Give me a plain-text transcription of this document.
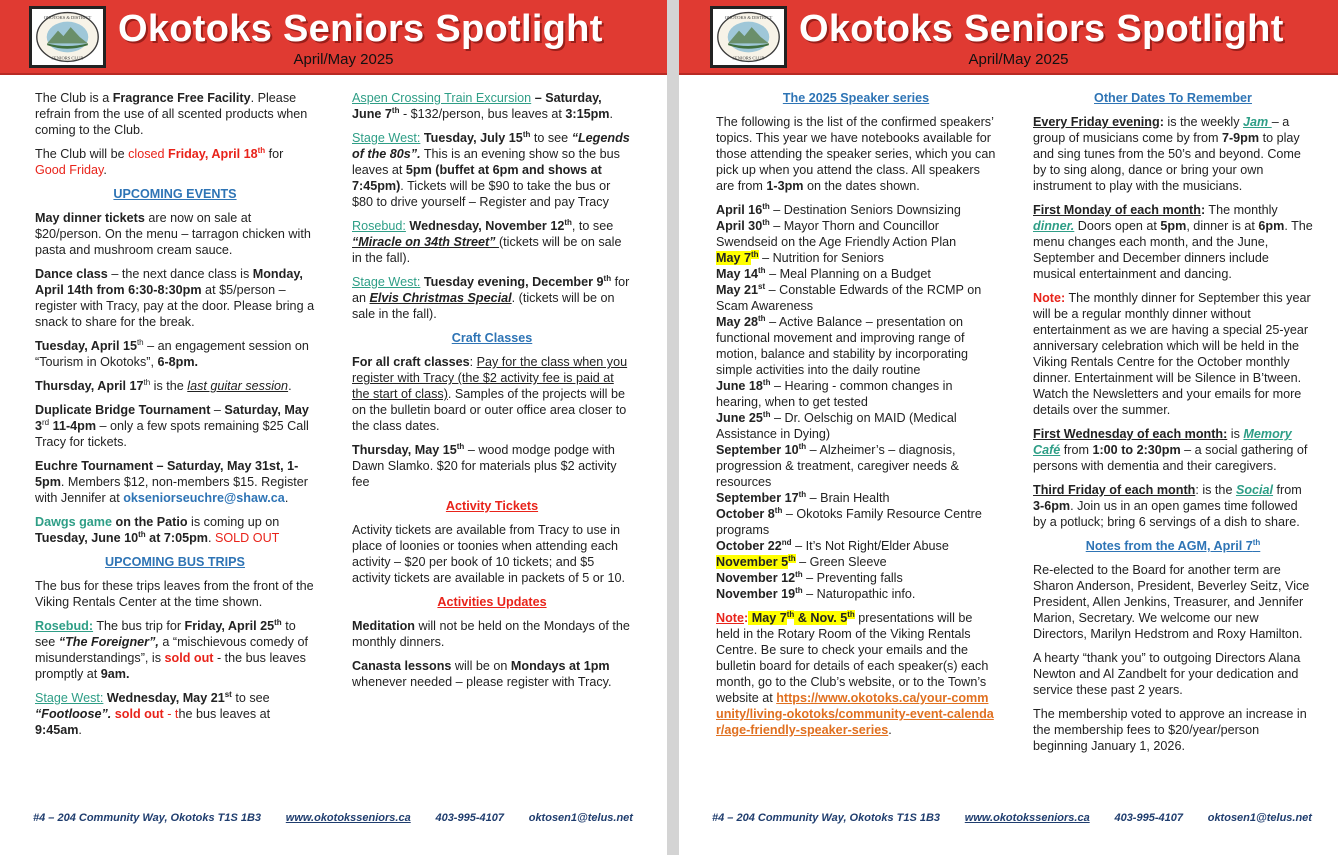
OKOTOKS & DISTRICT
SENIORS CLUB
Okotoks Seniors Spotlight
April/May 2025

The Club is a Fragrance Free Facility. Please refrain from the use of all scented products when coming to the Club.

The Club will be closed Friday, April 18th for Good Friday.

UPCOMING EVENTS

May dinner tickets are now on sale at $20/person. On the menu – tarragon chicken with pasta and mushroom cream sauce.

Dance class – the next dance class is Monday, April 14th from 6:30-8:30pm at $5/person – register with Tracy, pay at the door. Please bring a snack to share for the break.

Tuesday, April 15th – an engagement session on “Tourism in Okotoks”, 6-8pm.

Thursday, April 17th is the last guitar session.

Duplicate Bridge Tournament – Saturday, May 3rd 11-4pm – only a few spots remaining $25 Call Tracy for tickets.

Euchre Tournament – Saturday, May 31st, 1-5pm. Members $12, non-members $15. Register with Jennifer at okseniorseuchre@shaw.ca.

Dawgs game on the Patio is coming up on Tuesday, June 10th at 7:05pm. SOLD OUT

UPCOMING BUS TRIPS

The bus for these trips leaves from the front of the Viking Rentals Center at the time shown.

Rosebud: The bus trip for Friday, April 25th to see “The Foreigner”, a “mischievous comedy of misunderstandings”, is sold out - the bus leaves promptly at 9am.

Stage West: Wednesday, May 21st to see “Footloose”. sold out - the bus leaves at 9:45am.

Aspen Crossing Train Excursion – Saturday, June 7th - $132/person, bus leaves at 3:15pm.

Stage West: Tuesday, July 15th to see “Legends of the 80s”. This is an evening show so the bus leaves at 5pm (buffet at 6pm and shows at 7:45pm). Tickets will be $90 to take the bus or $80 to drive yourself – Register and pay Tracy

Rosebud: Wednesday, November 12th, to see “Miracle on 34th Street” (tickets will be on sale in the fall).

Stage West: Tuesday evening, December 9th for an Elvis Christmas Special. (tickets will be on sale in the fall).

Craft Classes

For all craft classes: Pay for the class when you register with Tracy (the $2 activity fee is paid at the start of class). Samples of the projects will be on the bulletin board or outer office area closer to the class dates.

Thursday, May 15th – wood modge podge with Dawn Slamko. $20 for materials plus $2 activity fee

Activity Tickets

Activity tickets are available from Tracy to use in place of loonies or toonies when attending each activity – $20 per book of 10 tickets; and $5 activity tickets are available in packets of 5 or 10.

Activities Updates

Meditation will not be held on the Mondays of the monthly dinners.

Canasta lessons will be on Mondays at 1pm whenever needed – please register with Tracy.

#4 – 204 Community Way, Okotoks T1S 1B3 www.okotoksseniors.ca 403-995-4107 oktosen1@telus.net
OKOTOKS & DISTRICT
SENIORS CLUB
Okotoks Seniors Spotlight
April/May 2025
The 2025 Speaker series

The following is the list of the confirmed speakers’ topics. This year we have notebooks available for those attending the speaker series, which you can pick up when you attend the class. All speakers are from 1-3pm on the dates shown.

April 16th – Destination Seniors Downsizing
April 30th – Mayor Thorn and Councillor Swendseid on the Age Friendly Action Plan
May 7th – Nutrition for Seniors
May 14th – Meal Planning on a Budget
May 21st – Constable Edwards of the RCMP on Scam Awareness
May 28th – Active Balance – presentation on functional movement and improving range of motion, balance and stability by incorporating simple activities into the daily routine
June 18th – Hearing - common changes in hearing, when to get tested
June 25th – Dr. Oelschig on MAID (Medical Assistance in Dying)
September 10th – Alzheimer’s – diagnosis, progression & treatment, caregiver needs & resources
September 17th – Brain Health
October 8th – Okotoks Family Resource Centre programs
October 22nd – It’s Not Right/Elder Abuse
November 5th – Green Sleeve
November 12th – Preventing falls
November 19th – Naturopathic info.

Note: May 7th & Nov. 5th presentations will be held in the Rotary Room of the Viking Rentals Centre. Be sure to check your emails and the bulletin board for details of each speaker(s) each month, go to the Club’s website, or to the Town’s website at https://www.okotoks.ca/your-community/living-okotoks/community-event-calendar/age-friendly-speaker-series.

Other Dates To Remember

Every Friday evening: is the weekly Jam – a group of musicians come by from 7-9pm to play and sing tunes from the 50’s and beyond. Come by to sing along, dance or bring your own instrument to play with the musicians.

First Monday of each month: The monthly dinner. Doors open at 5pm, dinner is at 6pm. The menu changes each month, and the June, September and December dinners include musical entertainment and dancing.

Note: The monthly dinner for September this year will be a regular monthly dinner without entertainment as we are having a special 25-year anniversary celebration which will be held in the Viking Rentals Centre for the October monthly dinner. Entertainment will be Silence in B’tween. Watch the Newsletters and your emails for more details over the summer.

First Wednesday of each month: is Memory Café from 1:00 to 2:30pm – a social gathering of persons with dementia and their caregivers.

Third Friday of each month: is the Social from 3-6pm. Join us in an open games time followed by a potluck; bring 6 servings of a dish to share.

Notes from the AGM, April 7th

Re-elected to the Board for another term are Sharon Anderson, President, Beverley Seitz, Vice President, Allen Jenkins, Treasurer, and Jennifer Marion, Secretary. We welcome our new Directors, Marilyn Hedstrom and Roxy Hamilton.

A hearty “thank you” to outgoing Directors Alana Newton and Al Zandbelt for your dedication and service these past 2 years.

The membership voted to approve an increase in the membership fees to $20/year/person beginning January 1, 2026.

#4 – 204 Community Way, Okotoks T1S 1B3 www.okotoksseniors.ca 403-995-4107 oktosen1@telus.net
